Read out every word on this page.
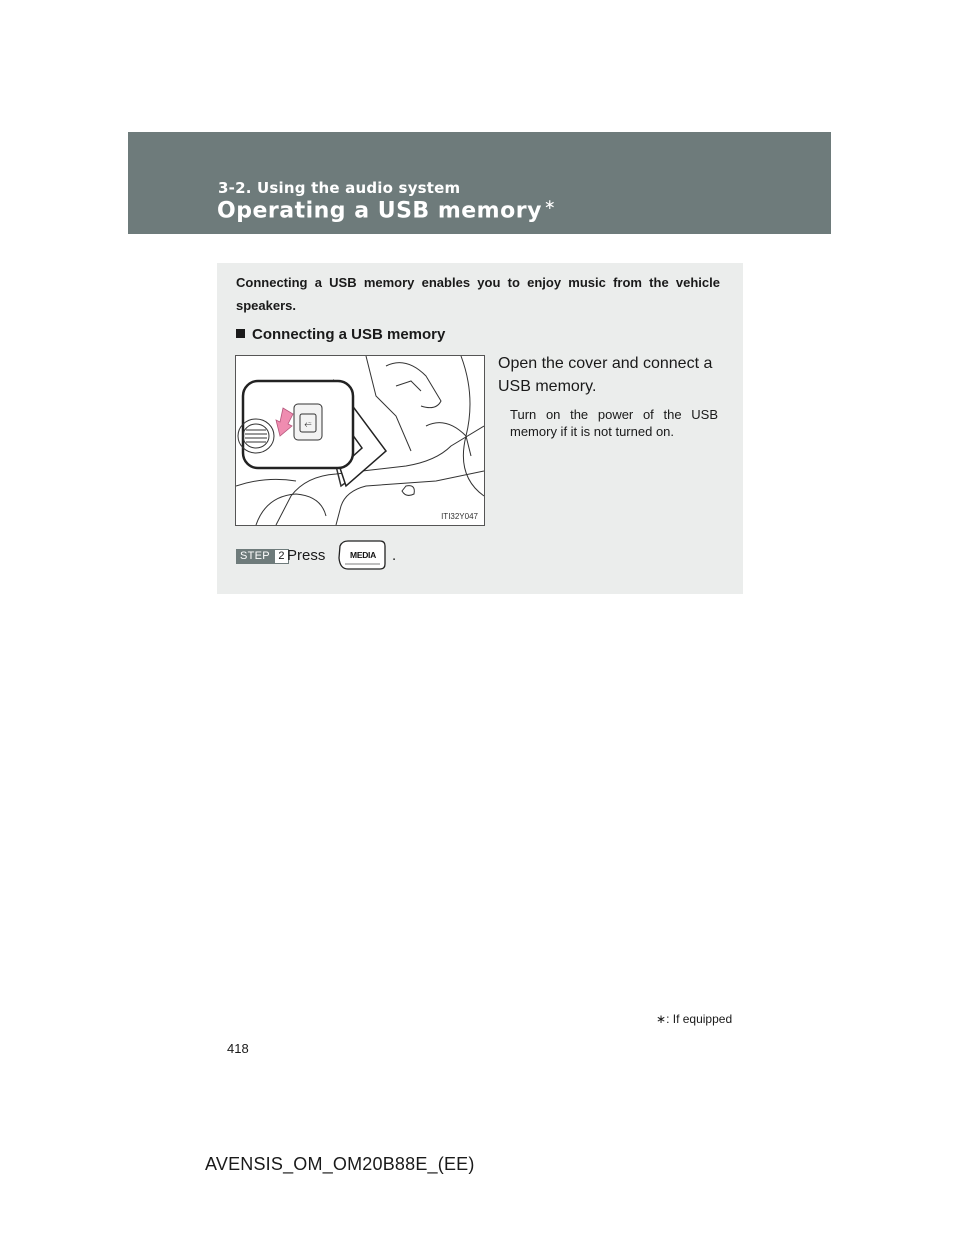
3-2. Using the audio system
Operating a USB memory ∗
Connecting a USB memory enables you to enjoy music from the vehicle speakers.
Connecting a USB memory
⭉
ITI32Y047
Open the cover and connect a USB memory.
Turn on the power of the USB memory if it is not turned on.
STEP 2 Press	.
MEDIA
∗: If equipped
418
AVENSIS_OM_OM20B88E_(EE)
